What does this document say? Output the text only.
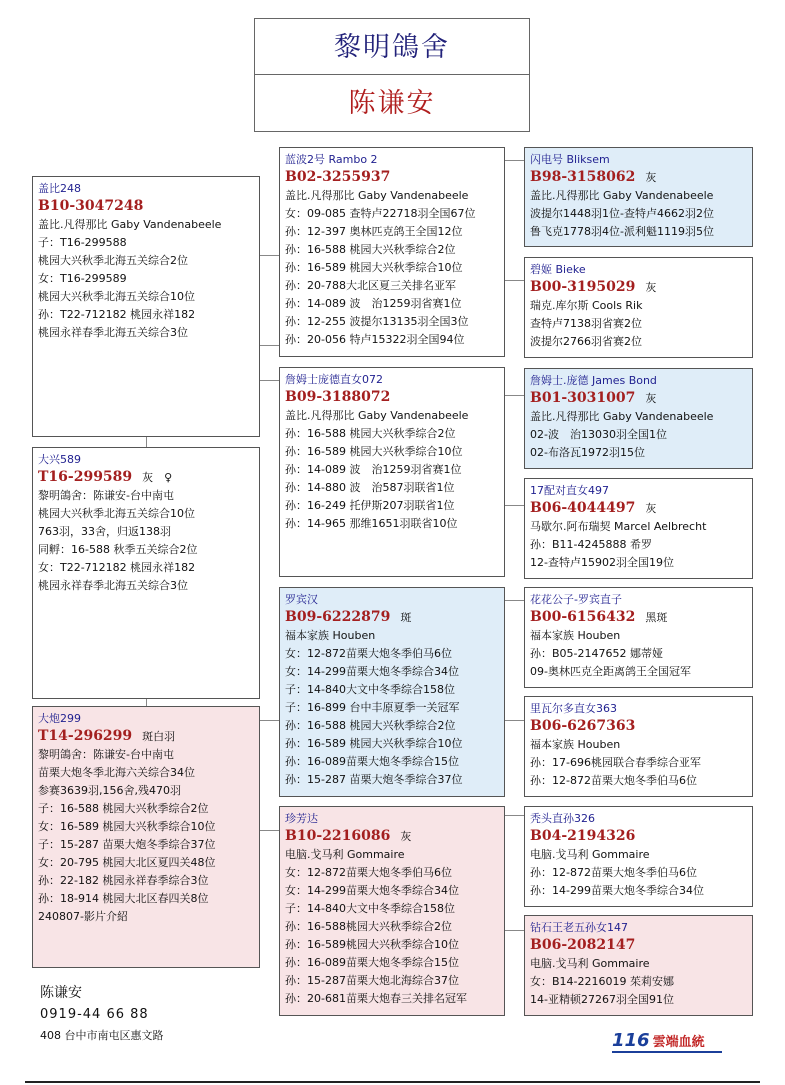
黎明鴿舍
陈谦安
盖比248
B10-3047248
盖比.凡得那比 Gaby Vandenabeele
子：T16-299588
桃园大兴秋季北海五关综合2位
女：T16-299589
桃园大兴秋季北海五关综合10位
孙：T22-712182 桃园永祥182
桃园永祥春季北海五关综合3位
大兴589
T16-299589 灰　♀
黎明鴿舍：陈谦安-台中南屯
桃园大兴秋季北海五关综合10位
763羽，33舍，归返138羽
同孵：16-588 秋季五关综合2位
女：T22-712182 桃园永祥182
桃园永祥春季北海五关综合3位
大炮299
T14-296299 斑白羽
黎明鴿舍：陈谦安-台中南屯
苗栗大炮冬季北海六关综合34位
参赛3639羽,156舍,残470羽
子：16-588 桃园大兴秋季综合2位
女：16-589 桃园大兴秋季综合10位
子：15-287 苗栗大炮冬季综合37位
女：20-795 桃园大北区夏四关48位
孙：22-182 桃园永祥春季综合3位
孙：18-914 桃园大北区春四关8位
240807-影片介紹
蓝波2号 Rambo 2
B02-3255937
盖比.凡得那比 Gaby Vandenabeele
女：09-085 查特卢22718羽全国67位
孙：12-397 奥林匹克鸽王全国12位
孙：16-588 桃园大兴秋季综合2位
孙：16-589 桃园大兴秋季综合10位
孙：20-788大北区夏三关排名亚军
孙：14-089 波　治1259羽省赛1位
孙：12-255 波提尔13135羽全国3位
孙：20-056 特卢15322羽全国94位
詹姆士庞德直女072
B09-3188072
盖比.凡得那比 Gaby Vandenabeele
孙：16-588 桃园大兴秋季综合2位
孙：16-589 桃园大兴秋季综合10位
孙：14-089 波　治1259羽省赛1位
孙：14-880 波　治587羽联省1位
孙：16-249 托伊斯207羽联省1位
孙：14-965 那维1651羽联省10位
罗宾汉
B09-6222879 斑
福本家族 Houben
女：12-872苗栗大炮冬季伯马6位
女：14-299苗栗大炮冬季综合34位
子：14-840大文中冬季综合158位
子：16-899 台中丰原夏季一关冠军
孙：16-588 桃园大兴秋季综合2位
孙：16-589 桃园大兴秋季综合10位
孙：16-089苗栗大炮冬季综合15位
孙：15-287 苗栗大炮冬季综合37位
珍芳达
B10-2216086 灰
电脑.戈马利 Gommaire
女：12-872苗栗大炮冬季伯马6位
女：14-299苗栗大炮冬季综合34位
子：14-840大文中冬季综合158位
孙：16-588桃园大兴秋季综合2位
孙：16-589桃园大兴秋季综合10位
孙：16-089苗栗大炮冬季综合15位
孙：15-287苗栗大炮北海综合37位
孙：20-681苗栗大炮春三关排名冠军
闪电号 Bliksem
B98-3158062 灰
盖比.凡得那比 Gaby Vandenabeele
波提尔1448羽1位-查特卢4662羽2位
鲁飞克1778羽4位-派利魁1119羽5位
碧姬 Bieke
B00-3195029 灰
瑞克.库尔斯 Cools Rik
查特卢7138羽省赛2位
波提尔2766羽省赛2位
詹姆士.庞德 James Bond
B01-3031007 灰
盖比.凡得那比 Gaby Vandenabeele
02-波　治13030羽全国1位
02-布洛瓦1972羽15位
17配对直女497
B06-4044497 灰
马歇尔.阿布瑞契 Marcel Aelbrecht
孙：B11-4245888 希罗
12-查特卢15902羽全国19位
花花公子-罗宾直子
B00-6156432 黑斑
福本家族 Houben
孙：B05-2147652 娜蒂娅
09-奥林匹克全距离鸽王全国冠军
里瓦尔多直女363
B06-6267363
福本家族 Houben
孙：17-696桃园联合春季综合亚军
孙：12-872苗栗大炮冬季伯马6位
秃头直孙326
B04-2194326
电脑.戈马利 Gommaire
孙：12-872苗栗大炮冬季伯马6位
孙：14-299苗栗大炮冬季综合34位
钻石王老五孙女147
B06-2082147
电脑.戈马利 Gommaire
女：B14-2216019 茱莉安娜
14-亚精顿27267羽全国91位
陈谦安
0919-44 66 88
408 台中市南屯区惠文路	116 雲端血統
